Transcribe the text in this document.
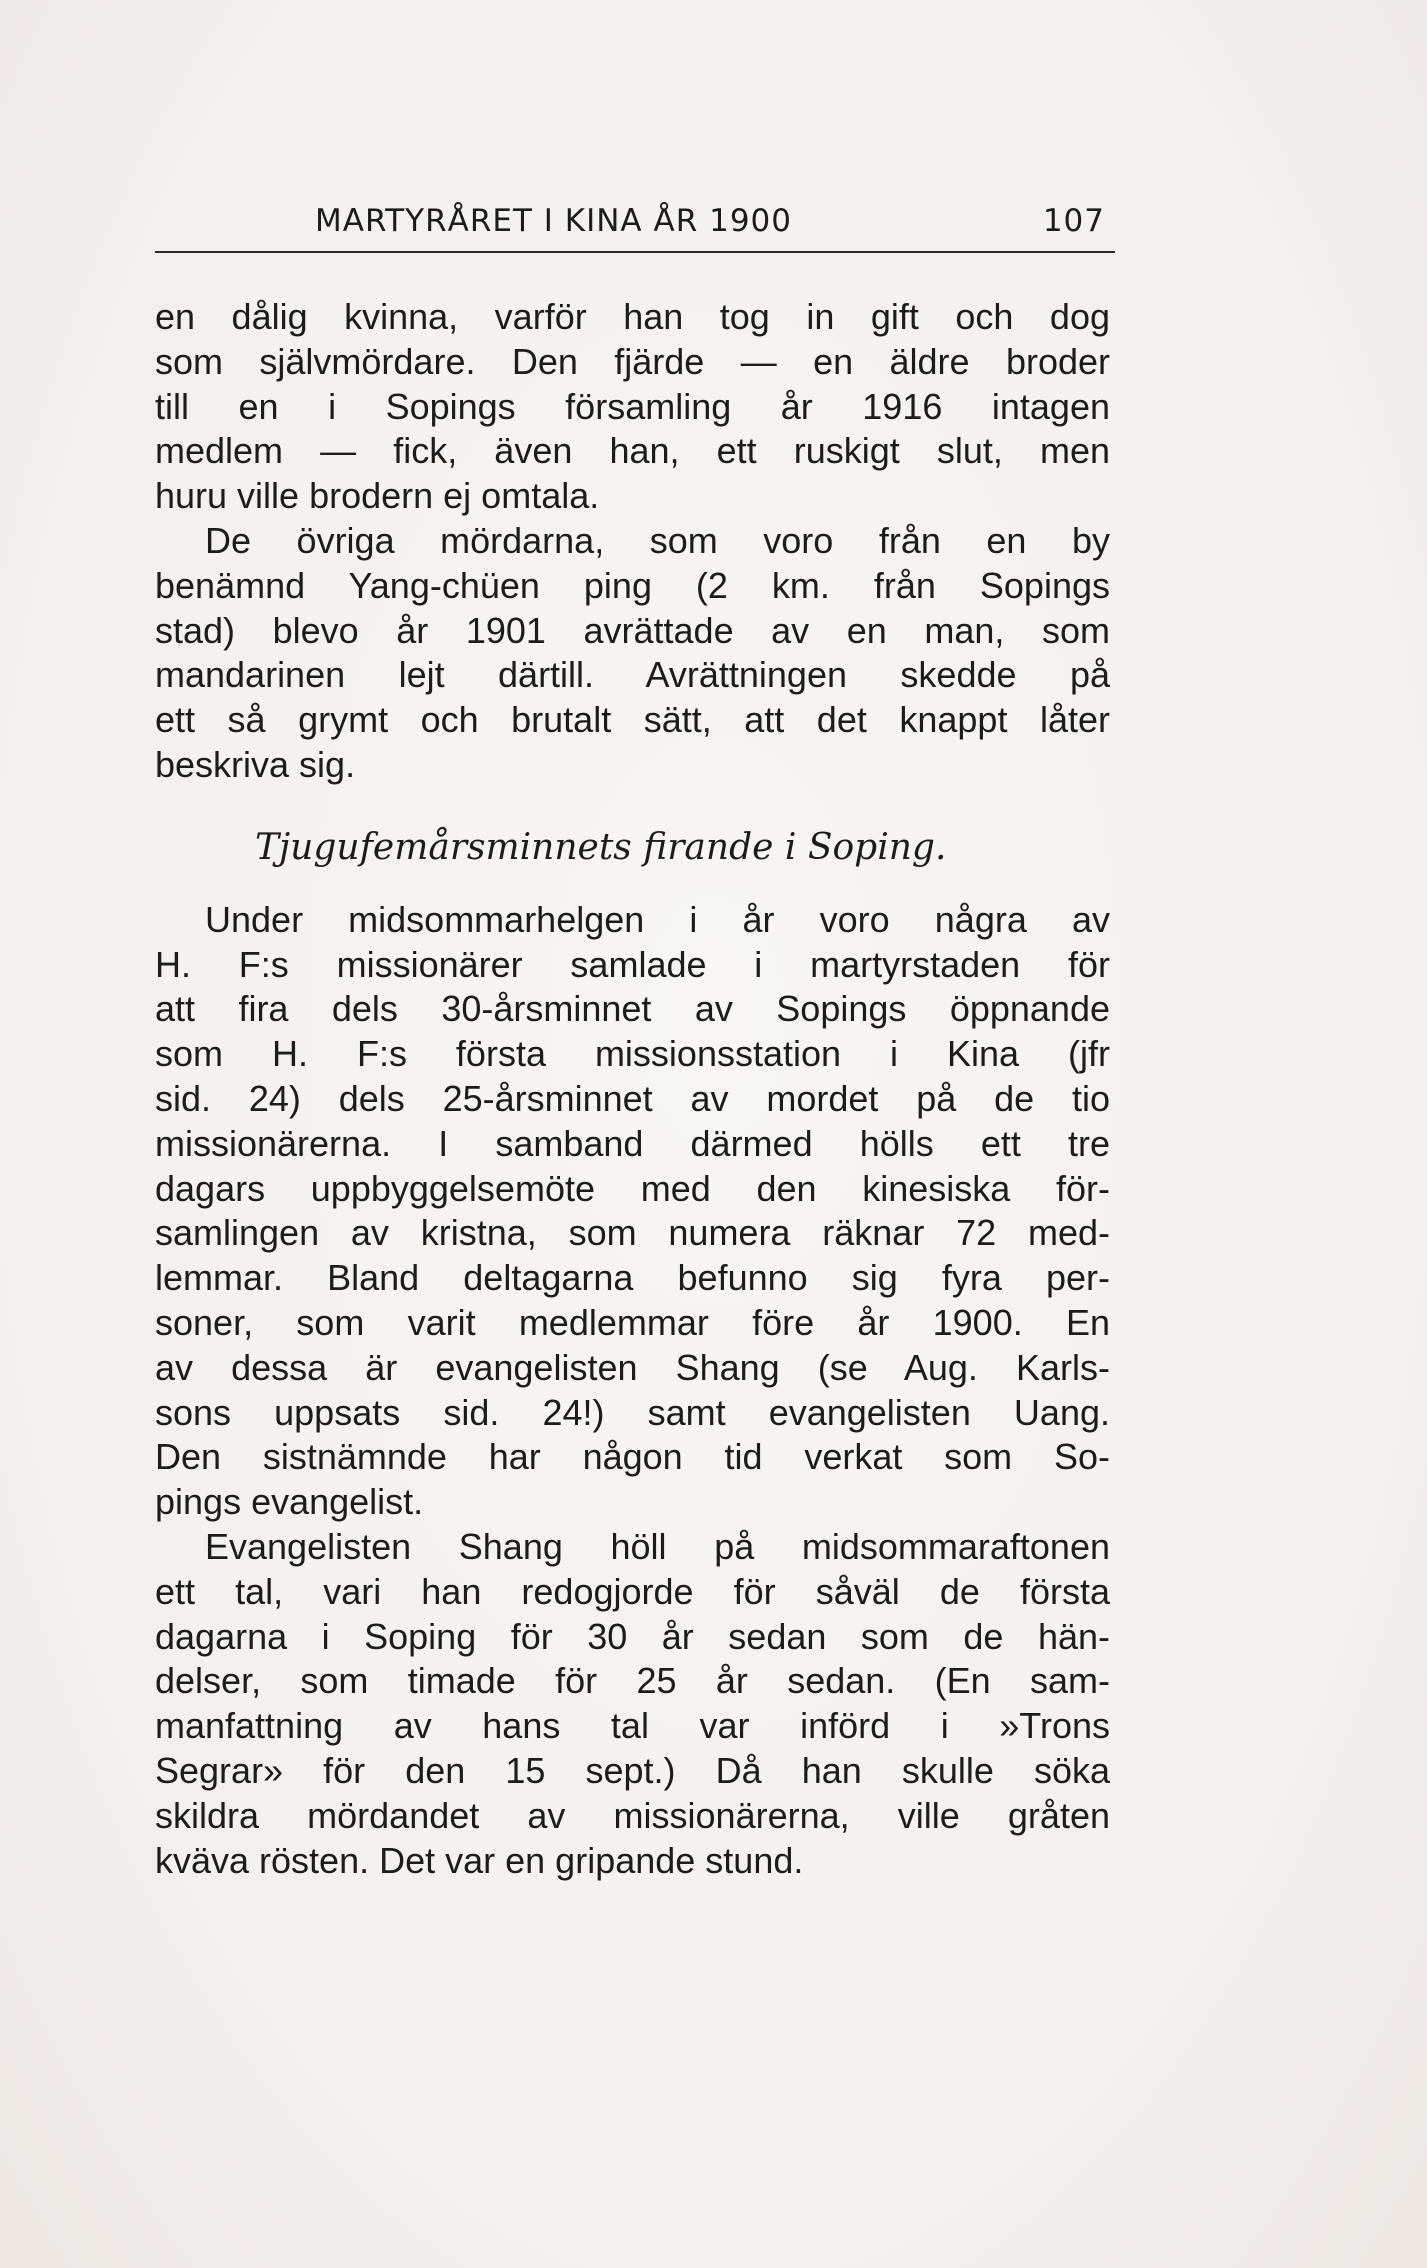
MARTYRÅRET I KINA ÅR 1900	107
en dålig kvinna, varför han tog in gift och dog
som självmördare. Den fjärde — en äldre broder
till en i Sopings församling år 1916 intagen
medlem — fick, även han, ett ruskigt slut, men
huru ville brodern ej omtala.
De övriga mördarna, som voro från en by
benämnd Yang-chüen ping (2 km. från Sopings
stad) blevo år 1901 avrättade av en man, som
mandarinen lejt därtill. Avrättningen skedde på
ett så grymt och brutalt sätt, att det knappt låter
beskriva sig.
Tjugufemårsminnets firande i Soping.
Under midsommarhelgen i år voro några av
H. F:s missionärer samlade i martyrstaden för
att fira dels 30-årsminnet av Sopings öppnande
som H. F:s första missionsstation i Kina (jfr
sid. 24) dels 25-årsminnet av mordet på de tio
missionärerna. I samband därmed hölls ett tre
dagars uppbyggelsemöte med den kinesiska för-
samlingen av kristna, som numera räknar 72 med-
lemmar. Bland deltagarna befunno sig fyra per-
soner, som varit medlemmar före år 1900. En
av dessa är evangelisten Shang (se Aug. Karls-
sons uppsats sid. 24!) samt evangelisten Uang.
Den sistnämnde har någon tid verkat som So-
pings evangelist.
Evangelisten Shang höll på midsommaraftonen
ett tal, vari han redogjorde för såväl de första
dagarna i Soping för 30 år sedan som de hän-
delser, som timade för 25 år sedan. (En sam-
manfattning av hans tal var införd i »Trons
Segrar» för den 15 sept.) Då han skulle söka
skildra mördandet av missionärerna, ville gråten
kväva rösten. Det var en gripande stund.
